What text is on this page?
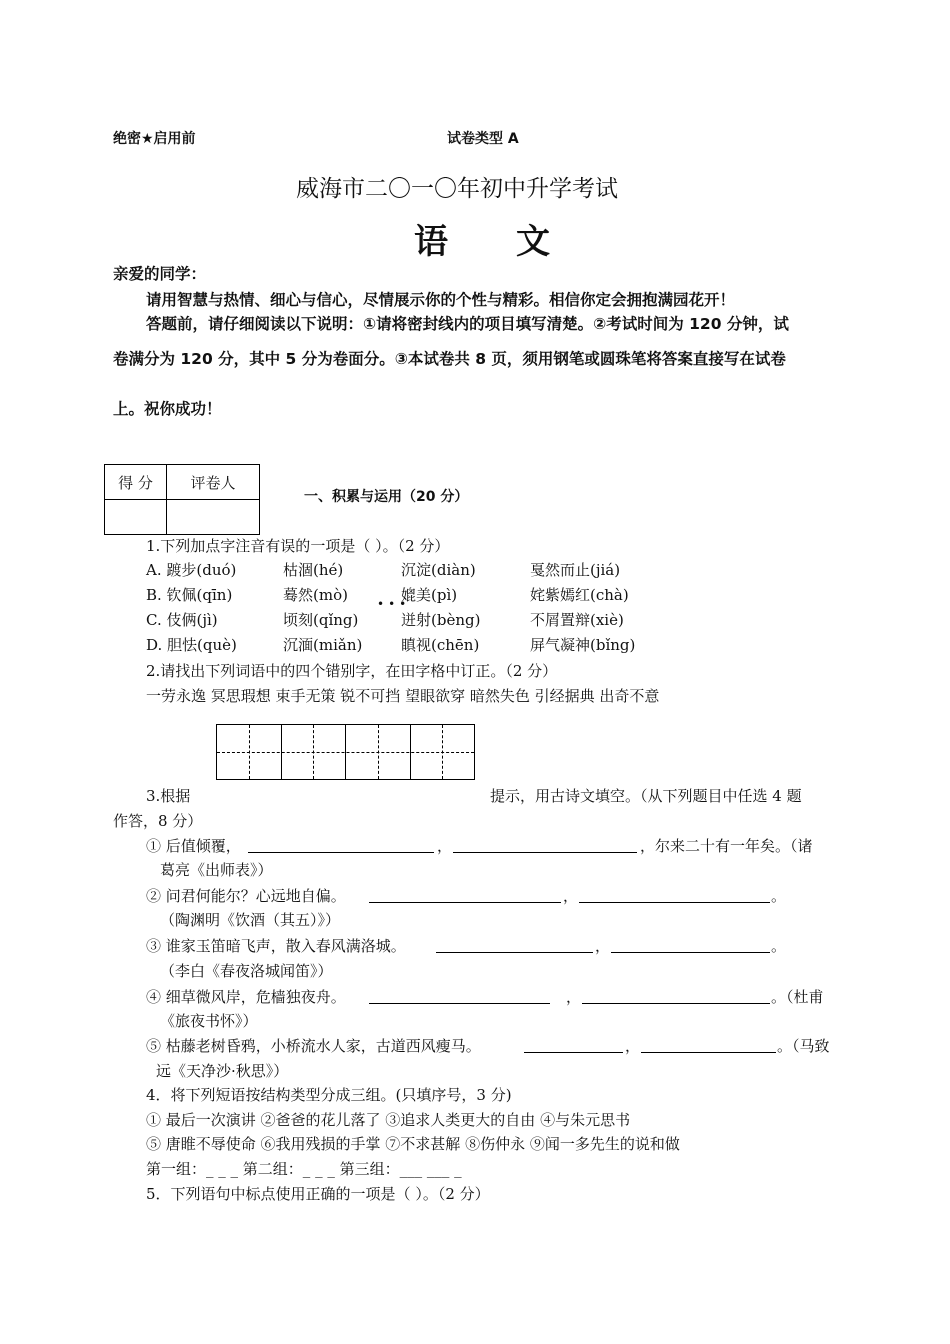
绝密★启用前	试卷类型 A
威海市二〇一〇年初中升学考试
语文
亲爱的同学：
请用智慧与热情、细心与信心，尽情展示你的个性与精彩。相信你定会拥抱满园花开！
答题前，请仔细阅读以下说明：①请将密封线内的项目填写清楚。②考试时间为 120 分钟，试
卷满分为 120 分，其中 5 分为卷面分。③本试卷共 8 页，须用钢笔或圆珠笔将答案直接写在试卷
上。祝你成功！
得 分	评卷人

一、积累与运用（20 分）
1.下列加点字注音有误的一项是（ ）。（2 分）
A. 踱步(duó)	枯涸(hé)	沉淀(diàn)	戛然而止(jiá)
B. 钦佩(qīn)	蓦然(mò)	媲美(pì)	姹紫嫣红(chà)
•••
C. 伎俩(jì)	顷刻(qǐng)	迸射(bèng)	不屑置辩(xiè)
D. 胆怯(què)	沉湎(miǎn)	瞋视(chēn)	屏气凝神(bǐng)
2.请找出下列词语中的四个错别字，在田字格中订正。（2 分）
一劳永逸 冥思瑕想 束手无策 锐不可挡 望眼欲穿 暗然失色 引经据典 出奇不意
3.根据	提示，用古诗文填空。（从下列题目中任选 4 题
作答，8 分）
① 后值倾覆，	，	，尔来二十有一年矣。（诸
葛亮《出师表》）
② 问君何能尔？心远地自偏。	，	。
（陶渊明《饮酒（其五）》）
③ 谁家玉笛暗飞声，散入春风满洛城。	，	。
（李白《春夜洛城闻笛》）
④ 细草微风岸，危樯独夜舟。	，	。（杜甫
《旅夜书怀》）
⑤ 枯藤老树昏鸦，小桥流水人家，古道西风瘦马。	，	。（马致
远《天净沙·秋思》）
4．将下列短语按结构类型分成三组。(只填序号，3 分)
① 最后一次演讲 ②爸爸的花儿落了 ③追求人类更大的自由 ④与朱元思书
⑤ 唐睢不辱使命 ⑥我用残损的手掌 ⑦不求甚解 ⑧伤仲永 ⑨闻一多先生的说和做
第一组：_ _ _ 第二组：_ _ _ 第三组：___ ___ _
5．下列语句中标点使用正确的一项是（ ）。（2 分）
